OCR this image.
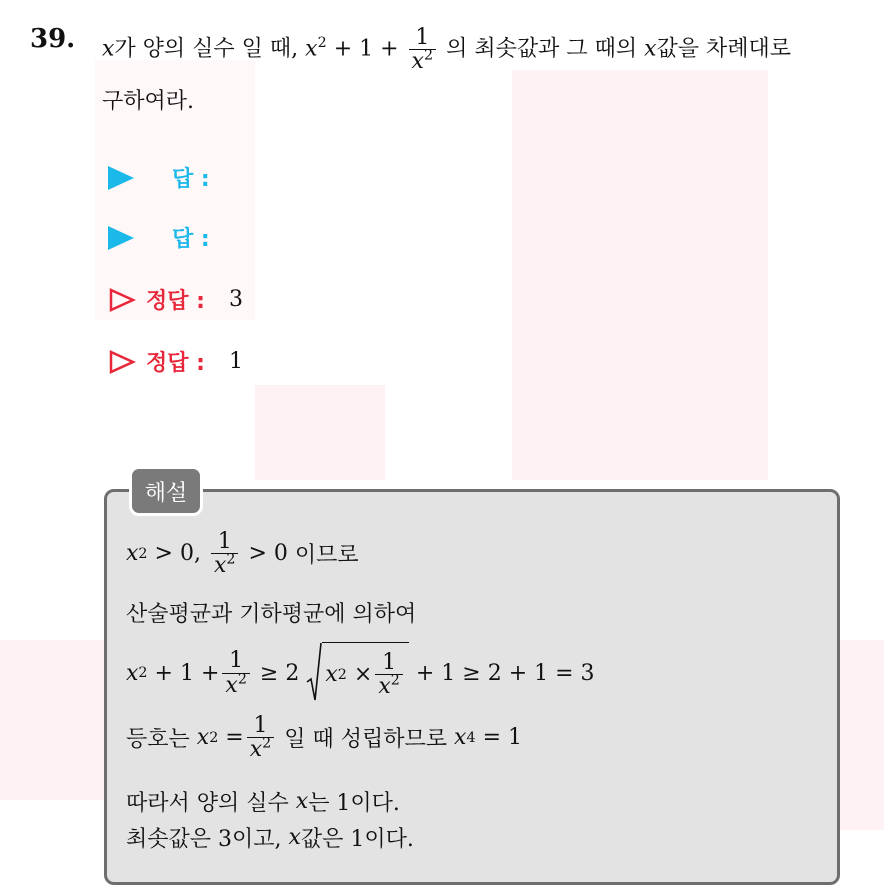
39. x가 양의 실수 일 때, $x^2 + 1 + \frac{1}{x^2}$ 의 최솟값과 그 때의 x값을 차례대로
구하여라.
답 :
답 :
정답 : 3
정답 : 1
해설
x 2
> 0,
$\frac{1}{x^2}$
> 0
이므로
산술평균과 기하평균에 의하여
x 2
+ $1 + \frac{1}{x^2}$
≥ 2
x 2
× $\frac{1}{x^2}$
+ 1 ≥ 2 + 1 = 3
등호는
x 2
= $\frac{1}{x^2}$
일 때 성립하므로
x 4
= 1
따라서 양의 실수
x 는 1이다.
최솟값은 3이고,
x 값은 1이다.
